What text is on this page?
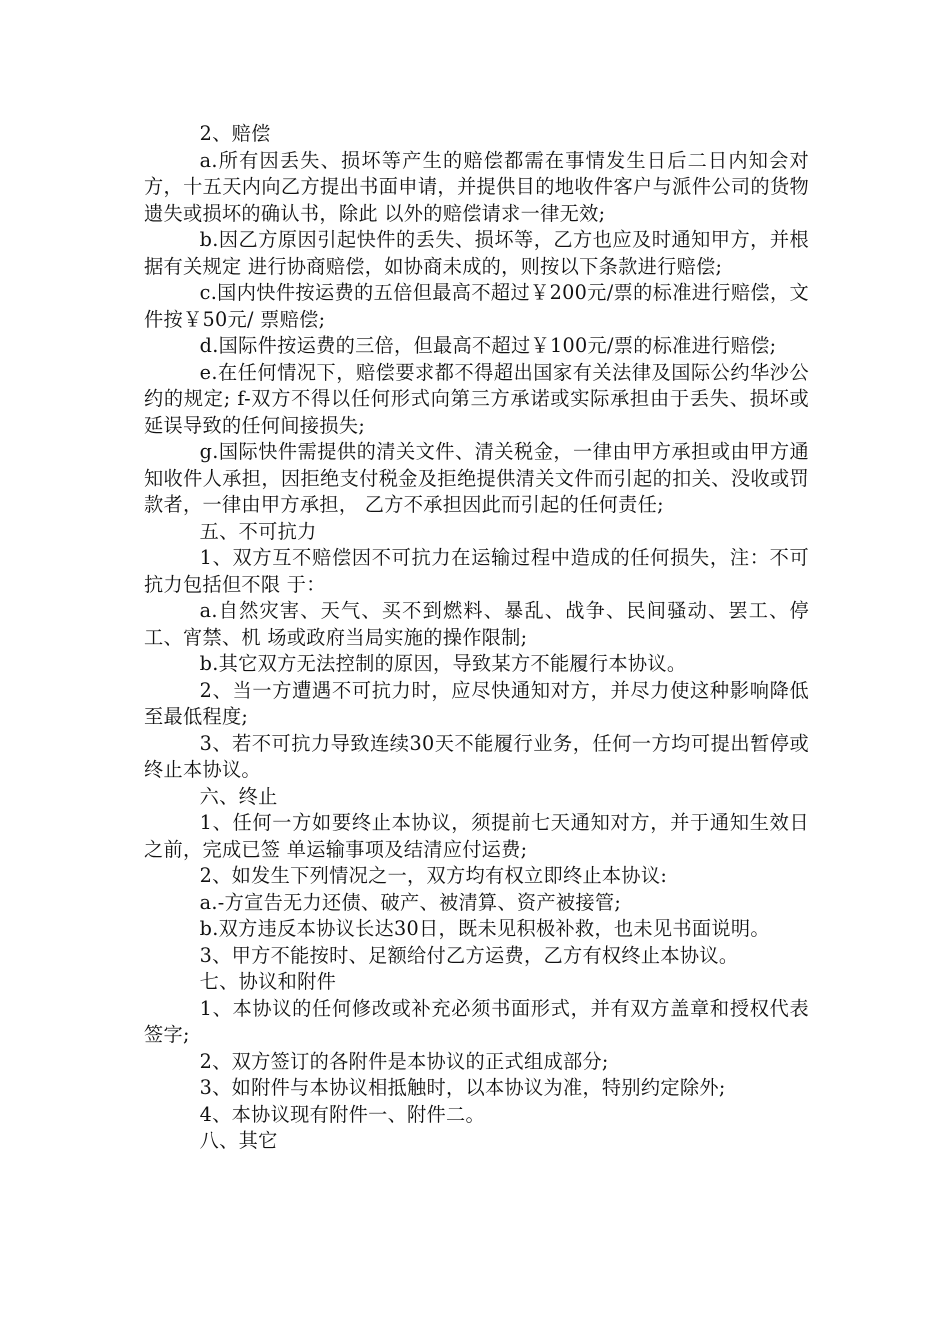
2、赔偿

a.所有因丢失、损坏等产生的赔偿都需在事情发生日后二日内知会对方，十五天内向乙方提出书面申请，并提供目的地收件客户与派件公司的货物遗失或损坏的确认书，除此 以外的赔偿请求一律无效;

b.因乙方原因引起快件的丢失、损坏等，乙方也应及时通知甲方，并根据有关规定 进行协商赔偿，如协商未成的，则按以下条款进行赔偿;

c.国内快件按运费的五倍但最高不超过￥200元/票的标准进行赔偿，文件按￥50元/ 票赔偿;

d.国际件按运费的三倍，但最高不超过￥100元/票的标准进行赔偿;

e.在任何情况下，赔偿要求都不得超出国家有关法律及国际公约华沙公约的规定; f-双方不得以任何形式向第三方承诺或实际承担由于丢失、损坏或延误导致的任何间接损失;

g.国际快件需提供的清关文件、清关税金，一律由甲方承担或由甲方通知收件人承担，因拒绝支付税金及拒绝提供清关文件而引起的扣关、没收或罚款者，一律由甲方承担， 乙方不承担因此而引起的任何责任;

五、不可抗力

1、双方互不赔偿因不可抗力在运输过程中造成的任何损失，注：不可抗力包括但不限 于：

a.自然灾害、天气、买不到燃料、暴乱、战争、民间骚动、罢工、停工、宵禁、机 场或政府当局实施的操作限制;

b.其它双方无法控制的原因，导致某方不能履行本协议。

2、当一方遭遇不可抗力时，应尽快通知对方，并尽力使这种影响降低至最低程度;

3、若不可抗力导致连续30天不能履行业务，任何一方均可提出暂停或终止本协议。

六、终止

1、任何一方如要终止本协议，须提前七天通知对方，并于通知生效日之前，完成已签 单运输事项及结清应付运费;

2、如发生下列情况之一，双方均有权立即终止本协议:

a.-方宣告无力还债、破产、被清算、资产被接管;

b.双方违反本协议长达30日，既未见积极补救，也未见书面说明。

3、甲方不能按时、足额给付乙方运费，乙方有权终止本协议。

七、协议和附件

1、本协议的任何修改或补充必须书面形式，并有双方盖章和授权代表签字;

2、双方签订的各附件是本协议的正式组成部分;

3、如附件与本协议相抵触时，以本协议为准，特别约定除外;

4、本协议现有附件一、附件二。

八、其它
